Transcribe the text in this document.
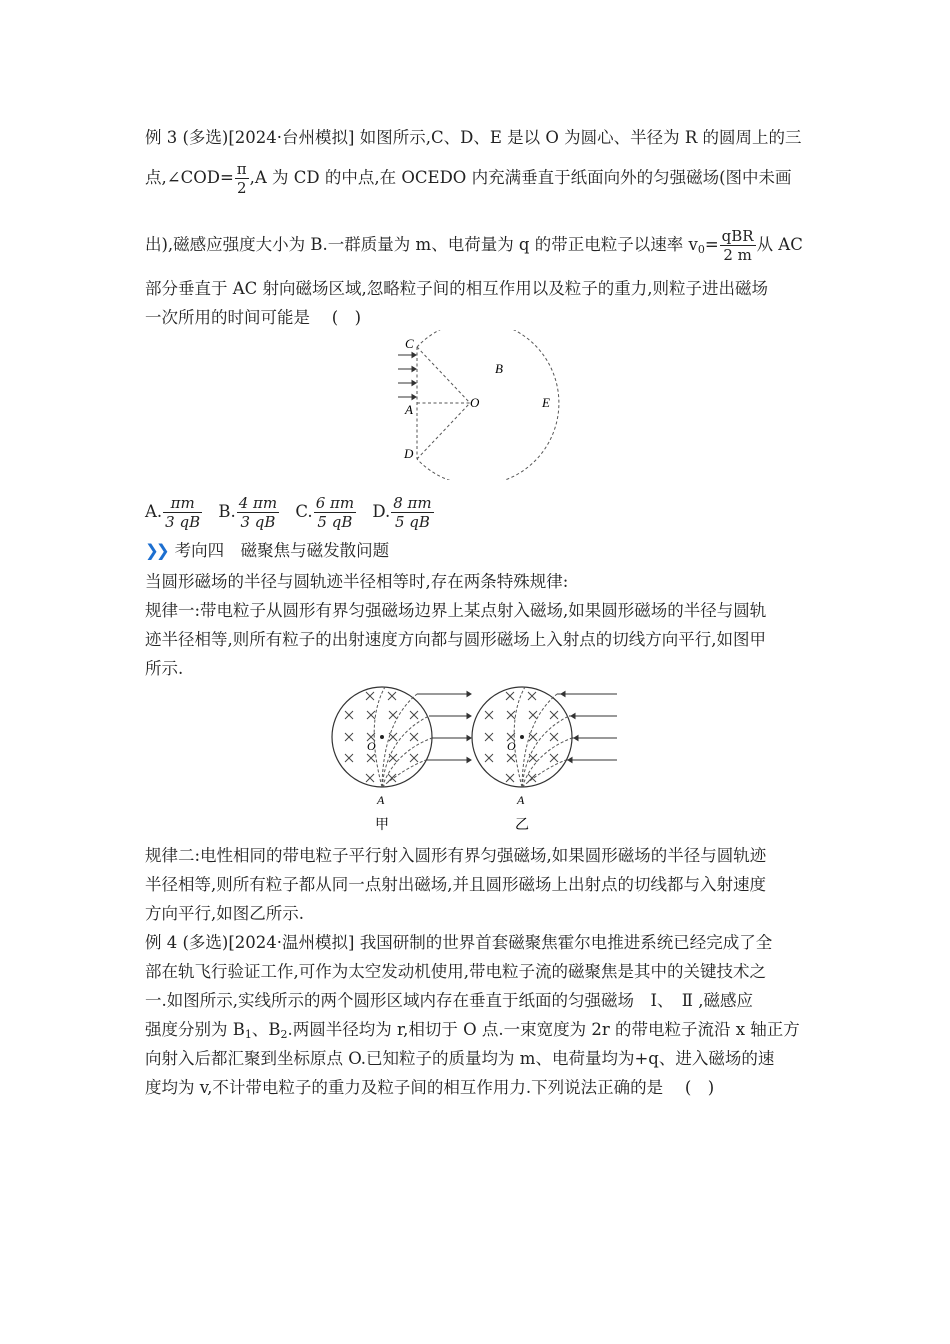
例 3 (多选)[2024·台州模拟] 如图所示,C、D、E 是以 O 为圆心、半径为 R 的圆周上的三
点,∠COD= $\frac{\pi}{2} ,A$ 为 CD 的中点,在 OCEDO 内充满垂直于纸面向外的匀强磁场(图中未画
出),磁感应强度大小为 B.一群质量为 m、电荷量为 q 的带正电粒子以速率 $v_0= \frac{\text{qBR}}{2 m}$ 从 AC
部分垂直于 AC 射向磁场区域,忽略粒子间的相互作用以及粒子的重力,则粒子进出磁场
一次所用的时间可能是　 (　)
C
A
D
O
B
E
A. $\frac{\pi m}{3 qB} B$. $\frac{4 \pi m}{3 qB} C$. $\frac{6 \pi m}{5 qB} D$. $\frac{8 \pi m}{5 qB}$
❯❯ 考向四　磁聚焦与磁发散问题
当圆形磁场的半径与圆轨迹半径相等时,存在两条特殊规律:
规律一:带电粒子从圆形有界匀强磁场边界上某点射入磁场,如果圆形磁场的半径与圆轨
迹半径相等,则所有粒子的出射速度方向都与圆形磁场上入射点的切线方向平行,如图甲
所示.
O
A
甲
O
A
乙
规律二:电性相同的带电粒子平行射入圆形有界匀强磁场,如果圆形磁场的半径与圆轨迹
半径相等,则所有粒子都从同一点射出磁场,并且圆形磁场上出射点的切线都与入射速度
方向平行,如图乙所示.
例 4 (多选)[2024·温州模拟] 我国研制的世界首套磁聚焦霍尔电推进系统已经完成了全
部在轨飞行验证工作,可作为太空发动机使用,带电粒子流的磁聚焦是其中的关键技术之
一.如图所示,实线所示的两个圆形区域内存在垂直于纸面的匀强磁场　Ⅰ、　Ⅱ ,磁感应
强度分别为 $B_1$、$B_2$.两圆半径均为 r,相切于 O 点.一束宽度为 2r 的带电粒子流沿 x 轴正方
向射入后都汇聚到坐标原点 O.已知粒子的质量均为 m、电荷量均为+q、进入磁场的速
度均为 v,不计带电粒子的重力及粒子间的相互作用力.下列说法正确的是　 (　)
